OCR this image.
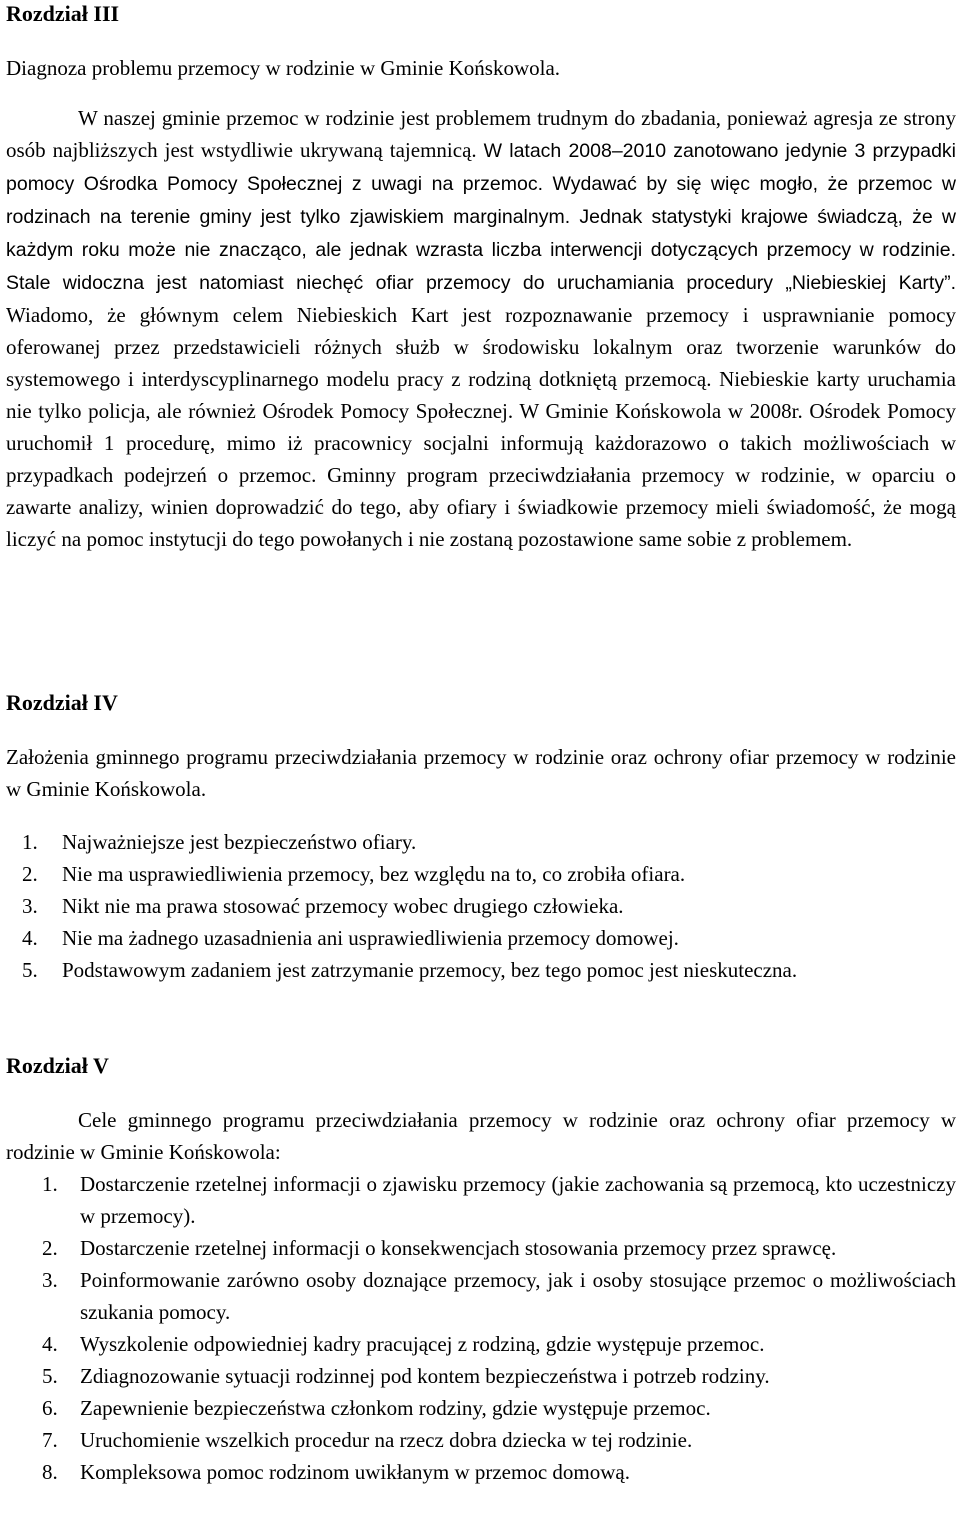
Rozdział III

Diagnoza problemu przemocy w rodzinie w Gminie Końskowola.

W naszej gminie przemoc w rodzinie jest problemem trudnym do zbadania, ponieważ agresja ze strony osób najbliższych jest wstydliwie ukrywaną tajemnicą. W latach 2008–2010 zanotowano jedynie 3 przypadki pomocy Ośrodka Pomocy Społecznej z uwagi na przemoc. Wydawać by się więc mogło, że przemoc w rodzinach na terenie gminy jest tylko zjawiskiem marginalnym. Jednak statystyki krajowe świadczą, że w każdym roku może nie znacząco, ale jednak wzrasta liczba interwencji dotyczących przemocy w rodzinie. Stale widoczna jest natomiast niechęć ofiar przemocy do uruchamiania procedury „Niebieskiej Karty”. Wiadomo, że głównym celem Niebieskich Kart jest rozpoznawanie przemocy i usprawnianie pomocy oferowanej przez przedstawicieli różnych służb w środowisku lokalnym oraz tworzenie warunków do systemowego i interdyscyplinarnego modelu pracy z rodziną dotkniętą przemocą. Niebieskie karty uruchamia nie tylko policja, ale również Ośrodek Pomocy Społecznej. W Gminie Końskowola w 2008r. Ośrodek Pomocy uruchomił 1 procedurę, mimo iż pracownicy socjalni informują każdorazowo o takich możliwościach w przypadkach podejrzeń o przemoc. Gminny program przeciwdziałania przemocy w rodzinie, w oparciu o zawarte analizy, winien doprowadzić do tego, aby ofiary i świadkowie przemocy mieli świadomość, że mogą liczyć na pomoc instytucji do tego powołanych i nie zostaną pozostawione same sobie z problemem.

Rozdział IV

Założenia gminnego programu przeciwdziałania przemocy w rodzinie oraz ochrony ofiar przemocy w rodzinie w Gminie Końskowola.

1. Najważniejsze jest bezpieczeństwo ofiary.
2. Nie ma usprawiedliwienia przemocy, bez względu na to, co zrobiła ofiara.
3. Nikt nie ma prawa stosować przemocy wobec drugiego człowieka.
4. Nie ma żadnego uzasadnienia ani usprawiedliwienia przemocy domowej.
5. Podstawowym zadaniem jest zatrzymanie przemocy, bez tego pomoc jest nieskuteczna.
Rozdział V

Cele gminnego programu przeciwdziałania przemocy w rodzinie oraz ochrony ofiar przemocy w rodzinie w Gminie Końskowola:

1. Dostarczenie rzetelnej informacji o zjawisku przemocy (jakie zachowania są przemocą, kto uczestniczy w przemocy).
2. Dostarczenie rzetelnej informacji o konsekwencjach stosowania przemocy przez sprawcę.
3. Poinformowanie zarówno osoby doznające przemocy, jak i osoby stosujące przemoc o możliwościach szukania pomocy.
4. Wyszkolenie odpowiedniej kadry pracującej z rodziną, gdzie występuje przemoc.
5. Zdiagnozowanie sytuacji rodzinnej pod kontem bezpieczeństwa i potrzeb rodziny.
6. Zapewnienie bezpieczeństwa członkom rodziny, gdzie występuje przemoc.
7. Uruchomienie wszelkich procedur na rzecz dobra dziecka w tej rodzinie.
8. Kompleksowa pomoc rodzinom uwikłanym w przemoc domową.
